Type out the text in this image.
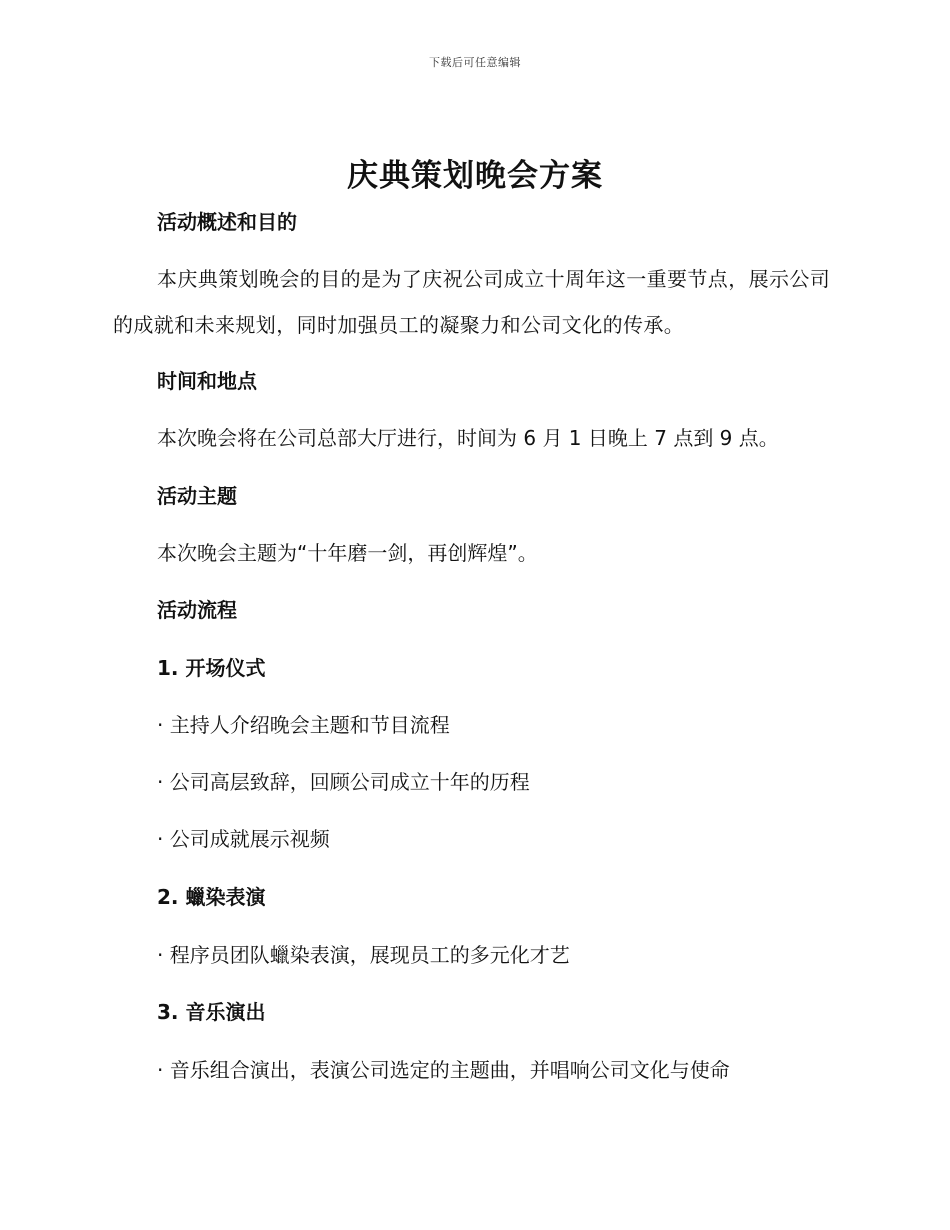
下载后可任意编辑
庆典策划晚会方案
活动概述和目的
本庆典策划晚会的目的是为了庆祝公司成立十周年这一重要节点，展示公司的成就和未来规划，同时加强员工的凝聚力和公司文化的传承。
时间和地点
本次晚会将在公司总部大厅进行，时间为 6 月 1 日晚上 7 点到 9 点。
活动主题
本次晚会主题为“十年磨一剑，再创辉煌”。
活动流程
1. 开场仪式
· 主持人介绍晚会主题和节目流程
· 公司高层致辞，回顾公司成立十年的历程
· 公司成就展示视频
2. 蠟染表演
· 程序员团队蠟染表演，展现员工的多元化才艺
3. 音乐演出
· 音乐组合演出，表演公司选定的主题曲，并唱响公司文化与使命
